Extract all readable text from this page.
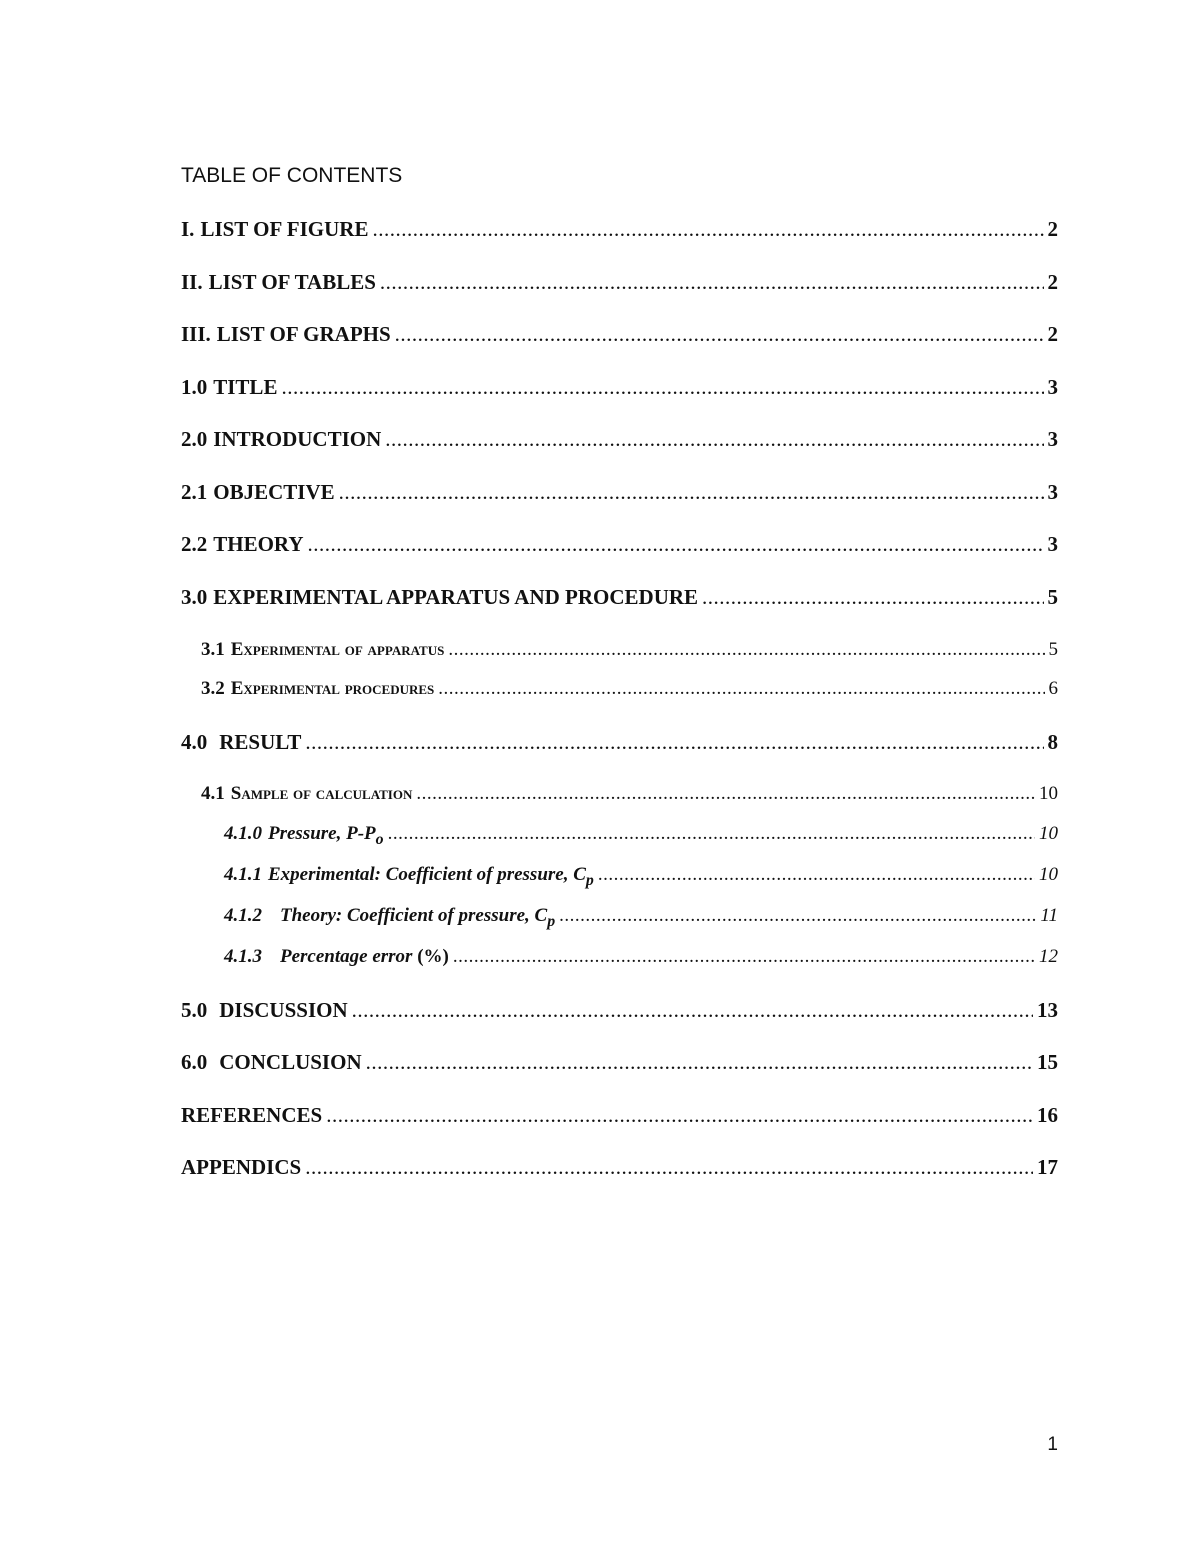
TABLE OF CONTENTS
I. LIST OF FIGURE .....	2
II. LIST OF TABLES .....	2
III. LIST OF GRAPHS .....	2
1.0 TITLE .....	3
2.0 INTRODUCTION .....	3
2.1 OBJECTIVE .....	3
2.2 THEORY .....	3
3.0 EXPERIMENTAL APPARATUS AND PROCEDURE .....	5
3.1 Experimental of apparatus .....	5
3.2 Experimental procedures .....	6
4.0 RESULT .....	8
4.1 Sample of calculation .....	10
4.1.0 Pressure, $P-P_o$ .....	10
4.1.1 Experimental: Coefficient of pressure, $C_p$ .....	10
4.1.2 Theory: Coefficient of pressure, $C_p$ .....	11
4.1.3 Percentage error (%) .....	12
5.0 DISCUSSION .....	13
6.0 CONCLUSION .....	15
REFERENCES .....	16
APPENDICS .....	17
1
